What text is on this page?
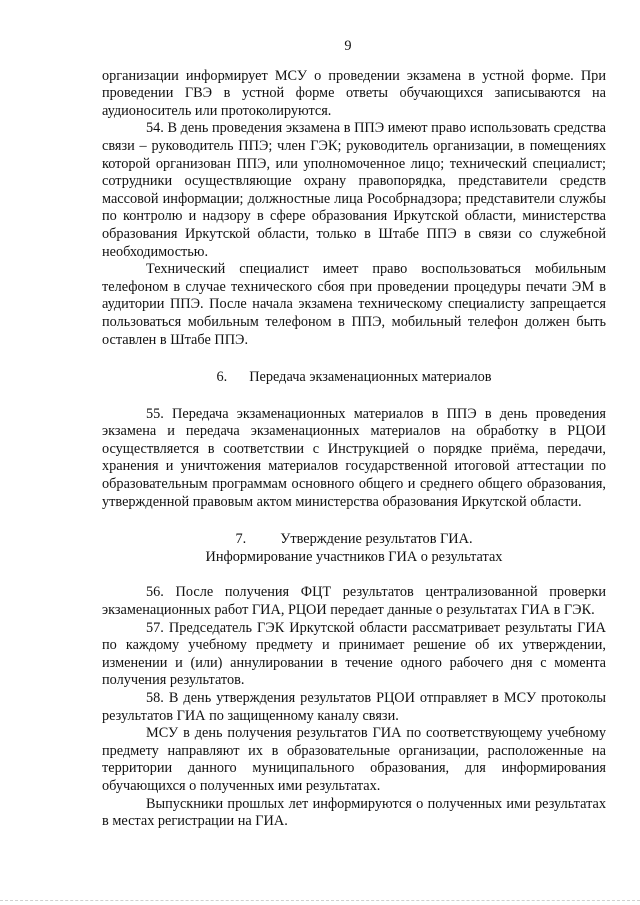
9

организации информирует МСУ о проведении экзамена в устной форме. При проведении ГВЭ в устной форме ответы обучающихся записываются на аудионоситель или протоколируются.

54. В день проведения экзамена в ППЭ имеют право использовать средства связи – руководитель ППЭ; член ГЭК; руководитель организации, в помещениях которой организован ППЭ, или уполномоченное лицо; технический специалист; сотрудники осуществляющие охрану правопорядка, представители средств массовой информации; должностные лица Рособрнадзора; представители службы по контролю и надзору в сфере образования Иркутской области, министерства образования Иркутской области, только в Штабе ППЭ в связи со служебной необходимостью.

Технический специалист имеет право воспользоваться мобильным телефоном в случае технического сбоя при проведении процедуры печати ЭМ в аудитории ППЭ. После начала экзамена техническому специалисту запрещается пользоваться мобильным телефоном в ППЭ, мобильный телефон должен быть оставлен в Штабе ППЭ.

6. Передача экзаменационных материалов

55. Передача экзаменационных материалов в ППЭ в день проведения экзамена и передача экзаменационных материалов на обработку в РЦОИ осуществляется в соответствии с Инструкцией о порядке приёма, передачи, хранения и уничтожения материалов государственной итоговой аттестации по образовательным программам основного общего и среднего общего образования, утвержденной правовым актом министерства образования Иркутской области.

7. Утверждение результатов ГИА.
Информирование участников ГИА о результатах

56. После получения ФЦТ результатов централизованной проверки экзаменационных работ ГИА, РЦОИ передает данные о результатах ГИА в ГЭК.

57. Председатель ГЭК Иркутской области рассматривает результаты ГИА по каждому учебному предмету и принимает решение об их утверждении, изменении и (или) аннулировании в течение одного рабочего дня с момента получения результатов.

58. В день утверждения результатов РЦОИ отправляет в МСУ протоколы результатов ГИА по защищенному каналу связи.

МСУ в день получения результатов ГИА по соответствующему учебному предмету направляют их в образовательные организации, расположенные на территории данного муниципального образования, для информирования обучающихся о полученных ими результатах.

Выпускники прошлых лет информируются о полученных ими результатах в местах регистрации на ГИА.
